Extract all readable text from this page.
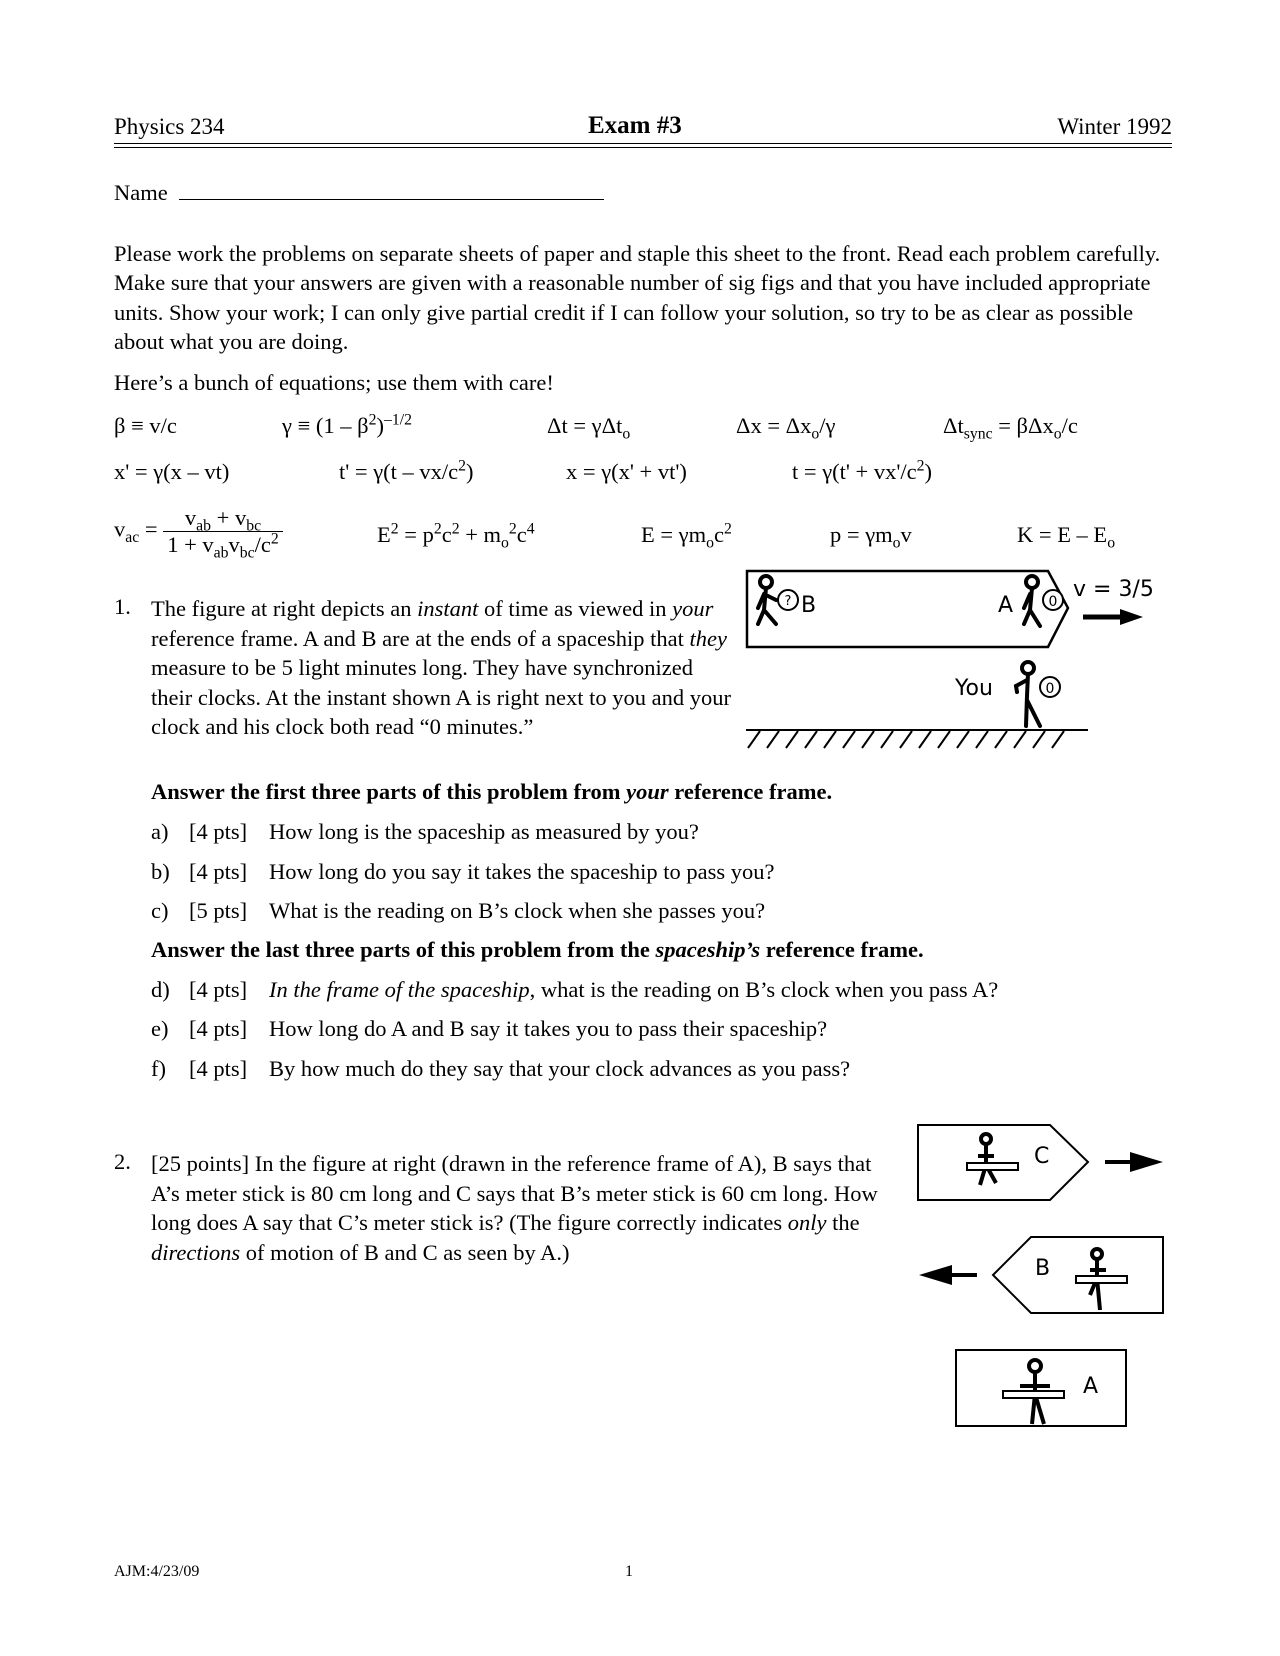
Physics 234	Exam #3	Winter 1992
Name
Please work the problems on separate sheets of paper and staple this sheet to the front. Read each problem carefully. Make sure that your answers are given with a reasonable number of sig figs and that you have included appropriate units. Show your work; I can only give partial credit if I can follow your solution, so try to be as clear as possible about what you are doing.
Here’s a bunch of equations; use them with care!
β ≡ v/c	$\gamma \equiv (1 - \beta^2)^{-1/2}$	Δt = γΔt$_o$	$\Delta x = \Delta x_o/\gamma$	$\Delta t_{sync} = \beta\Delta x_o/c$
x' = γ(x – vt)	$t' = \gamma(t - vx/c^2)$	x = γ(x' + vt')	$t = \gamma(t' + vx'/c^2)$
$v_{ac} = \frac{v_{ab} + v_{bc}}{1 + v_{ab}v_{bc}/c^2}$	$E^2 = p^2c^2 + m_o^2c^4$	$E = \gamma m_oc^2$	$p = \gamma m_ov$	$K = E - E_o$
1. The figure at right depicts an instant of time as viewed in your reference frame. A and B are at the ends of a spaceship that they measure to be 5 light minutes long. They have synchronized their clocks. At the instant shown A is right next to you and your clock and his clock both read “0 minutes.”
Answer the first three parts of this problem from your reference frame.
a) [4 pts] How long is the spaceship as measured by you?
b) [4 pts] How long do you say it takes the spaceship to pass you?
c) [5 pts] What is the reading on B’s clock when she passes you?
Answer the last three parts of this problem from the spaceship’s reference frame.
d) [4 pts] In the frame of the spaceship, what is the reading on B’s clock when you pass A?
e) [4 pts] How long do A and B say it takes you to pass their spaceship?
f) [4 pts] By how much do they say that your clock advances as you pass?
? B	A	0 v = 3/5
You	0
2. [25 points] In the figure at right (drawn in the reference frame of A), B says that A’s meter stick is 80 cm long and C says that B’s meter stick is 60 cm long. How long does A say that C’s meter stick is? (The figure correctly indicates only the directions of motion of B and C as seen by A.)
C
B
A
AJM:4/23/09	1
